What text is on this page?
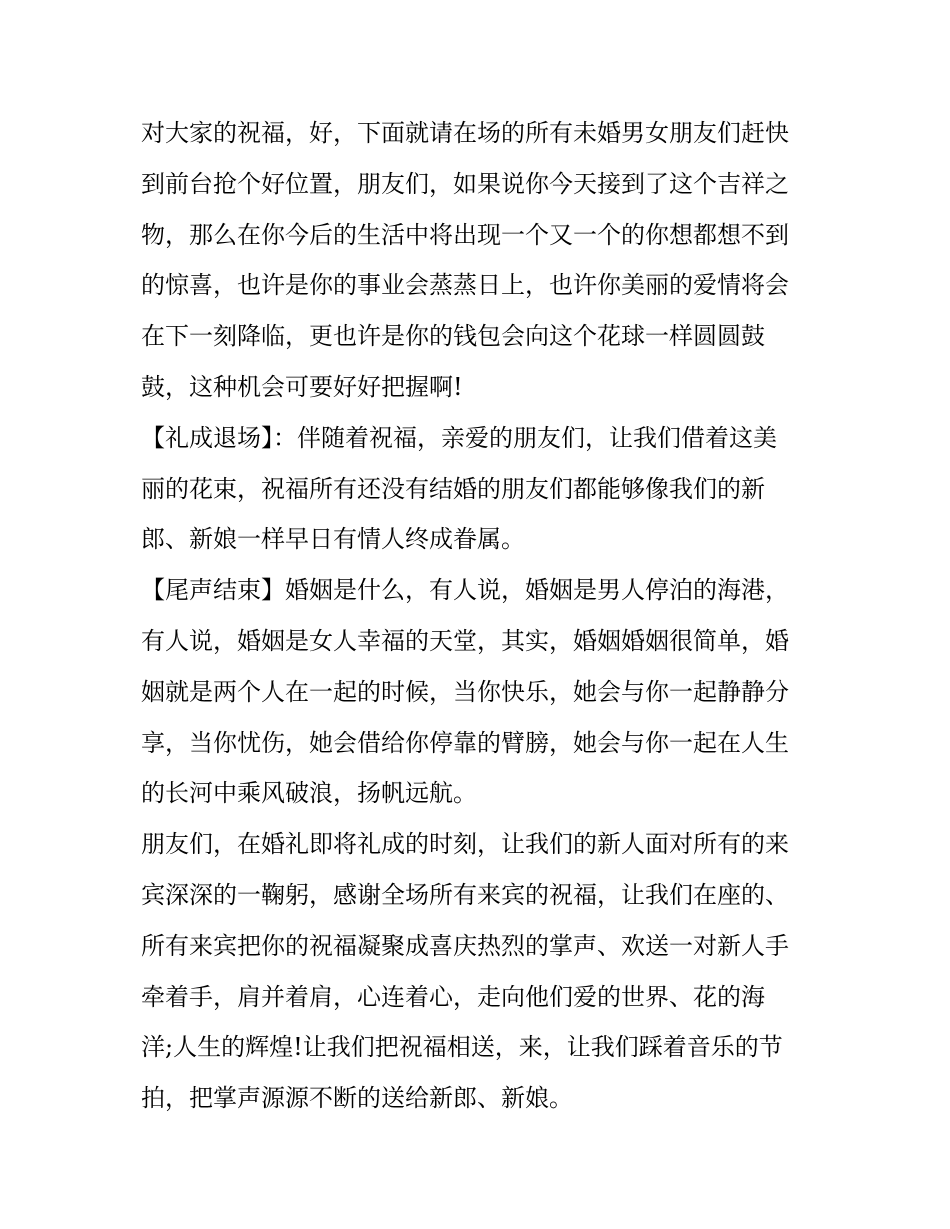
对大家的祝福，好，下面就请在场的所有未婚男女朋友们赶快
到前台抢个好位置，朋友们，如果说你今天接到了这个吉祥之
物，那么在你今后的生活中将出现一个又一个的你想都想不到
的惊喜，也许是你的事业会蒸蒸日上，也许你美丽的爱情将会
在下一刻降临，更也许是你的钱包会向这个花球一样圆圆鼓
鼓，这种机会可要好好把握啊!
【礼成退场】：伴随着祝福，亲爱的朋友们，让我们借着这美
丽的花束，祝福所有还没有结婚的朋友们都能够像我们的新
郎、新娘一样早日有情人终成眷属。
【尾声结束】婚姻是什么，有人说，婚姻是男人停泊的海港，
有人说，婚姻是女人幸福的天堂，其实，婚姻婚姻很简单，婚
姻就是两个人在一起的时候，当你快乐，她会与你一起静静分
享，当你忧伤，她会借给你停靠的臂膀，她会与你一起在人生
的长河中乘风破浪，扬帆远航。
朋友们，在婚礼即将礼成的时刻，让我们的新人面对所有的来
宾深深的一鞠躬，感谢全场所有来宾的祝福，让我们在座的、
所有来宾把你的祝福凝聚成喜庆热烈的掌声、欢送一对新人手
牵着手，肩并着肩，心连着心，走向他们爱的世界、花的海
洋;人生的辉煌!让我们把祝福相送，来，让我们踩着音乐的节
拍，把掌声源源不断的送给新郎、新娘。
